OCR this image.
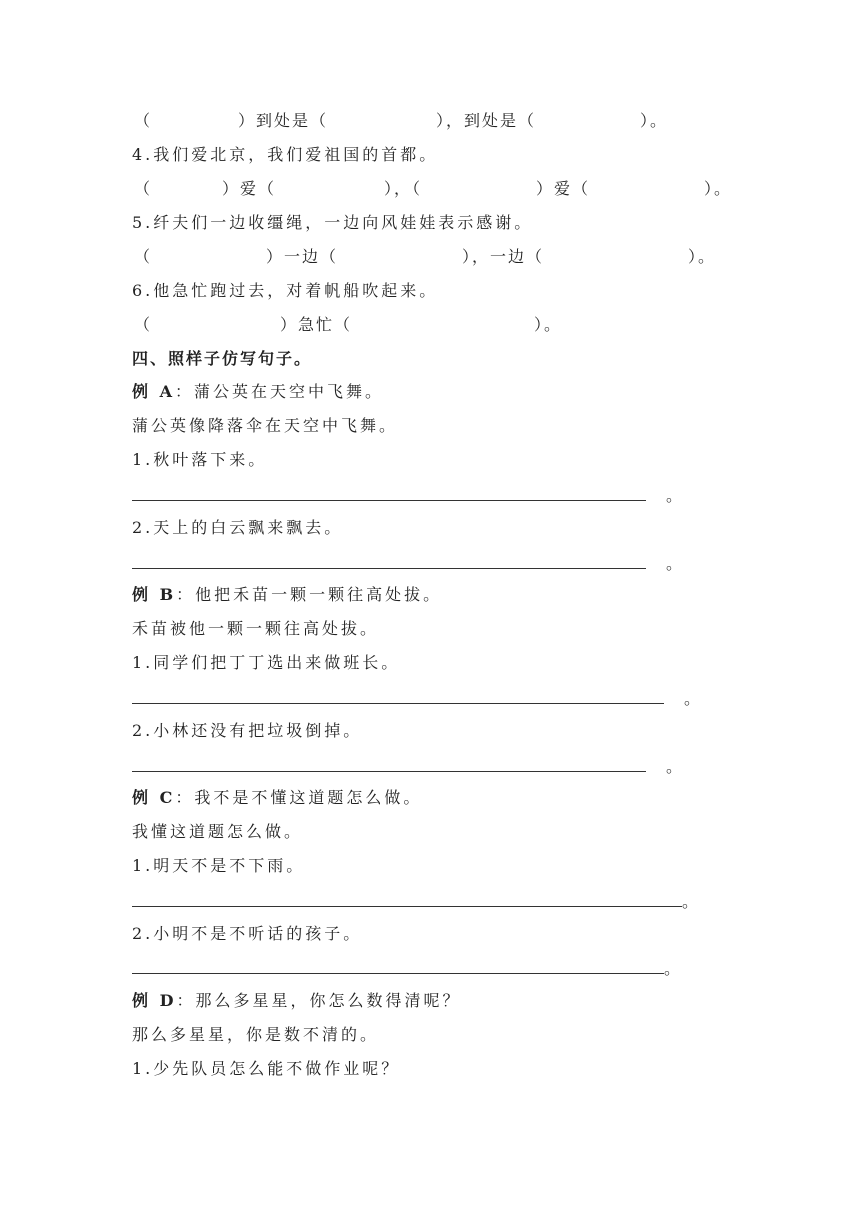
（	）到处是（	），到处是（	）。
4.我们爱北京，我们爱祖国的首都。
（	）爱（	），（	）爱（	）。
5.纤夫们一边收缰绳，一边向风娃娃表示感谢。
（	）一边（	），一边（	）。
6.他急忙跑过去，对着帆船吹起来。
（	）急忙（	）。
四、照样子仿写句子。
例 A：蒲公英在天空中飞舞。
蒲公英像降落伞在天空中飞舞。
1.秋叶落下来。
。
2.天上的白云飘来飘去。
。
例 B：他把禾苗一颗一颗往高处拔。
禾苗被他一颗一颗往高处拔。
1.同学们把丁丁选出来做班长。
。
2.小林还没有把垃圾倒掉。
。
例 C：我不是不懂这道题怎么做。
我懂这道题怎么做。
1.明天不是不下雨。
。
2.小明不是不听话的孩子。
。
例 D：那么多星星，你怎么数得清呢？
那么多星星，你是数不清的。
1.少先队员怎么能不做作业呢？
